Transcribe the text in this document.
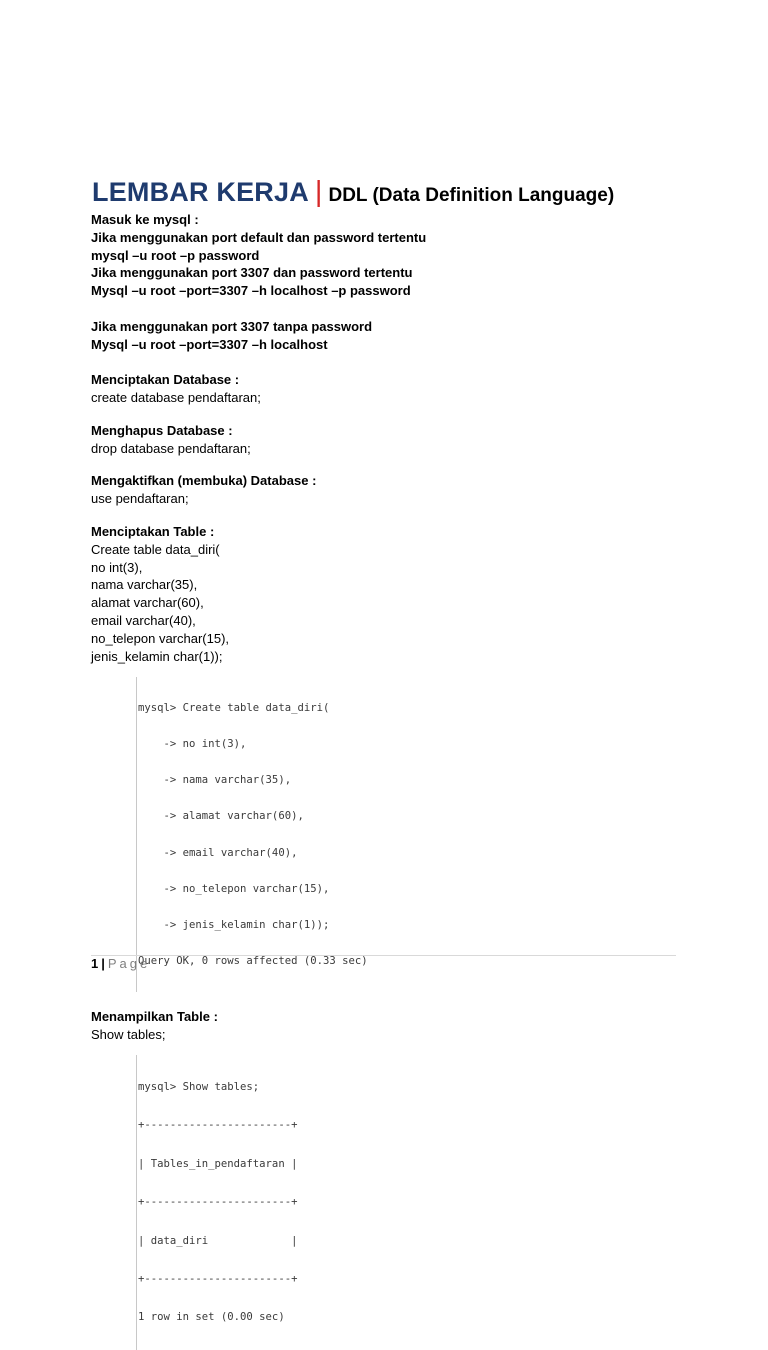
LEMBAR KERJA | DDL (Data Definition Language)
Masuk ke mysql :
Jika menggunakan port default dan password tertentu
mysql –u root –p password
Jika menggunakan port 3307 dan password tertentu
Mysql –u root –port=3307 –h localhost –p password
Jika menggunakan port 3307 tanpa password
Mysql –u root –port=3307 –h localhost
Menciptakan Database :
create database pendaftaran;
Menghapus Database :
drop database pendaftaran;
Mengaktifkan (membuka) Database :
use pendaftaran;
Menciptakan Table :
Create table data_diri(
no int(3),
nama varchar(35),
alamat varchar(60),
email varchar(40),
no_telepon varchar(15),
jenis_kelamin char(1));

mysql> Create table data_diri(

-> no int(3),

-> nama varchar(35),

-> alamat varchar(60),

-> email varchar(40),

-> no_telepon varchar(15),

-> jenis_kelamin char(1));

Query OK, 0 rows affected (0.33 sec)

Menampilkan Table :
Show tables;

mysql> Show tables;

+-----------------------+

| Tables_in_pendaftaran |

+-----------------------+

| data_diri             |

+-----------------------+

1 row in set (0.00 sec)

1 | Page
